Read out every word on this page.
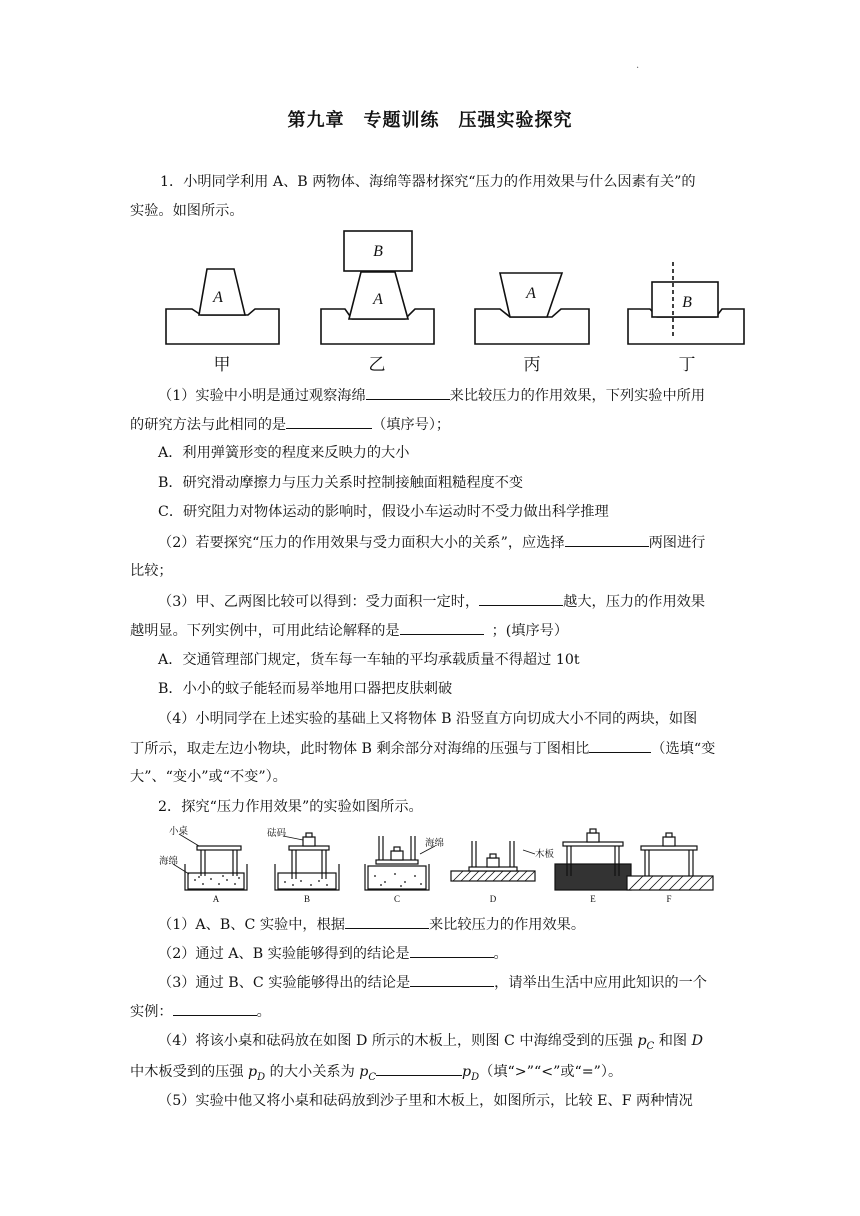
.
第九章　专题训练　压强实验探究
1．小明同学利用 A、B 两物体、海绵等器材探究“压力的作用效果与什么因素有关”的
实验。如图所示。
A	A
B
A
B
甲	乙	丙	丁
（1）实验中小明是通过观察海绵	来比较压力的作用效果，下列实验中所用
的研究方法与此相同的是	（填序号）；
A．利用弹簧形变的程度来反映力的大小
B．研究滑动摩擦力与压力关系时控制接触面粗糙程度不变
C．研究阻力对物体运动的影响时，假设小车运动时不受力做出科学推理
（2）若要探究“压力的作用效果与受力面积大小的关系”，应选择	两图进行
比较；
（3）甲、乙两图比较可以得到：受力面积一定时，	越大，压力的作用效果
越明显。下列实例中，可用此结论解释的是	；(填序号）
A．交通管理部门规定，货车每一车轴的平均承载质量不得超过 10t
B．小小的蚊子能轻而易举地用口器把皮肤刺破
（4）小明同学在上述实验的基础上又将物体 B 沿竖直方向切成大小不同的两块，如图
丁所示，取走左边小物块，此时物体 B 剩余部分对海绵的压强与丁图相比	（选填“变
大”、“变小”或“不变”）。
2．探究“压力作用效果”的实验如图所示。
小桌
海绵
砝码
海绵
木板
A	B	C	D	E	F
（1）A、B、C 实验中，根据	来比较压力的作用效果。
（2）通过 A、B 实验能够得到的结论是	。
（3）通过 B、C 实验能够得出的结论是	，请举出生活中应用此知识的一个
实例：	。
（4）将该小桌和砝码放在如图 D 所示的木板上，则图 C 中海绵受到的压强 $p_C$ 和图 D
中木板受到的压强 $p_D$ 的大小关系为 $p_C$	$p_D$（填“>”“<”或“=”）。
（5）实验中他又将小桌和砝码放到沙子里和木板上，如图所示，比较 E、F 两种情况
